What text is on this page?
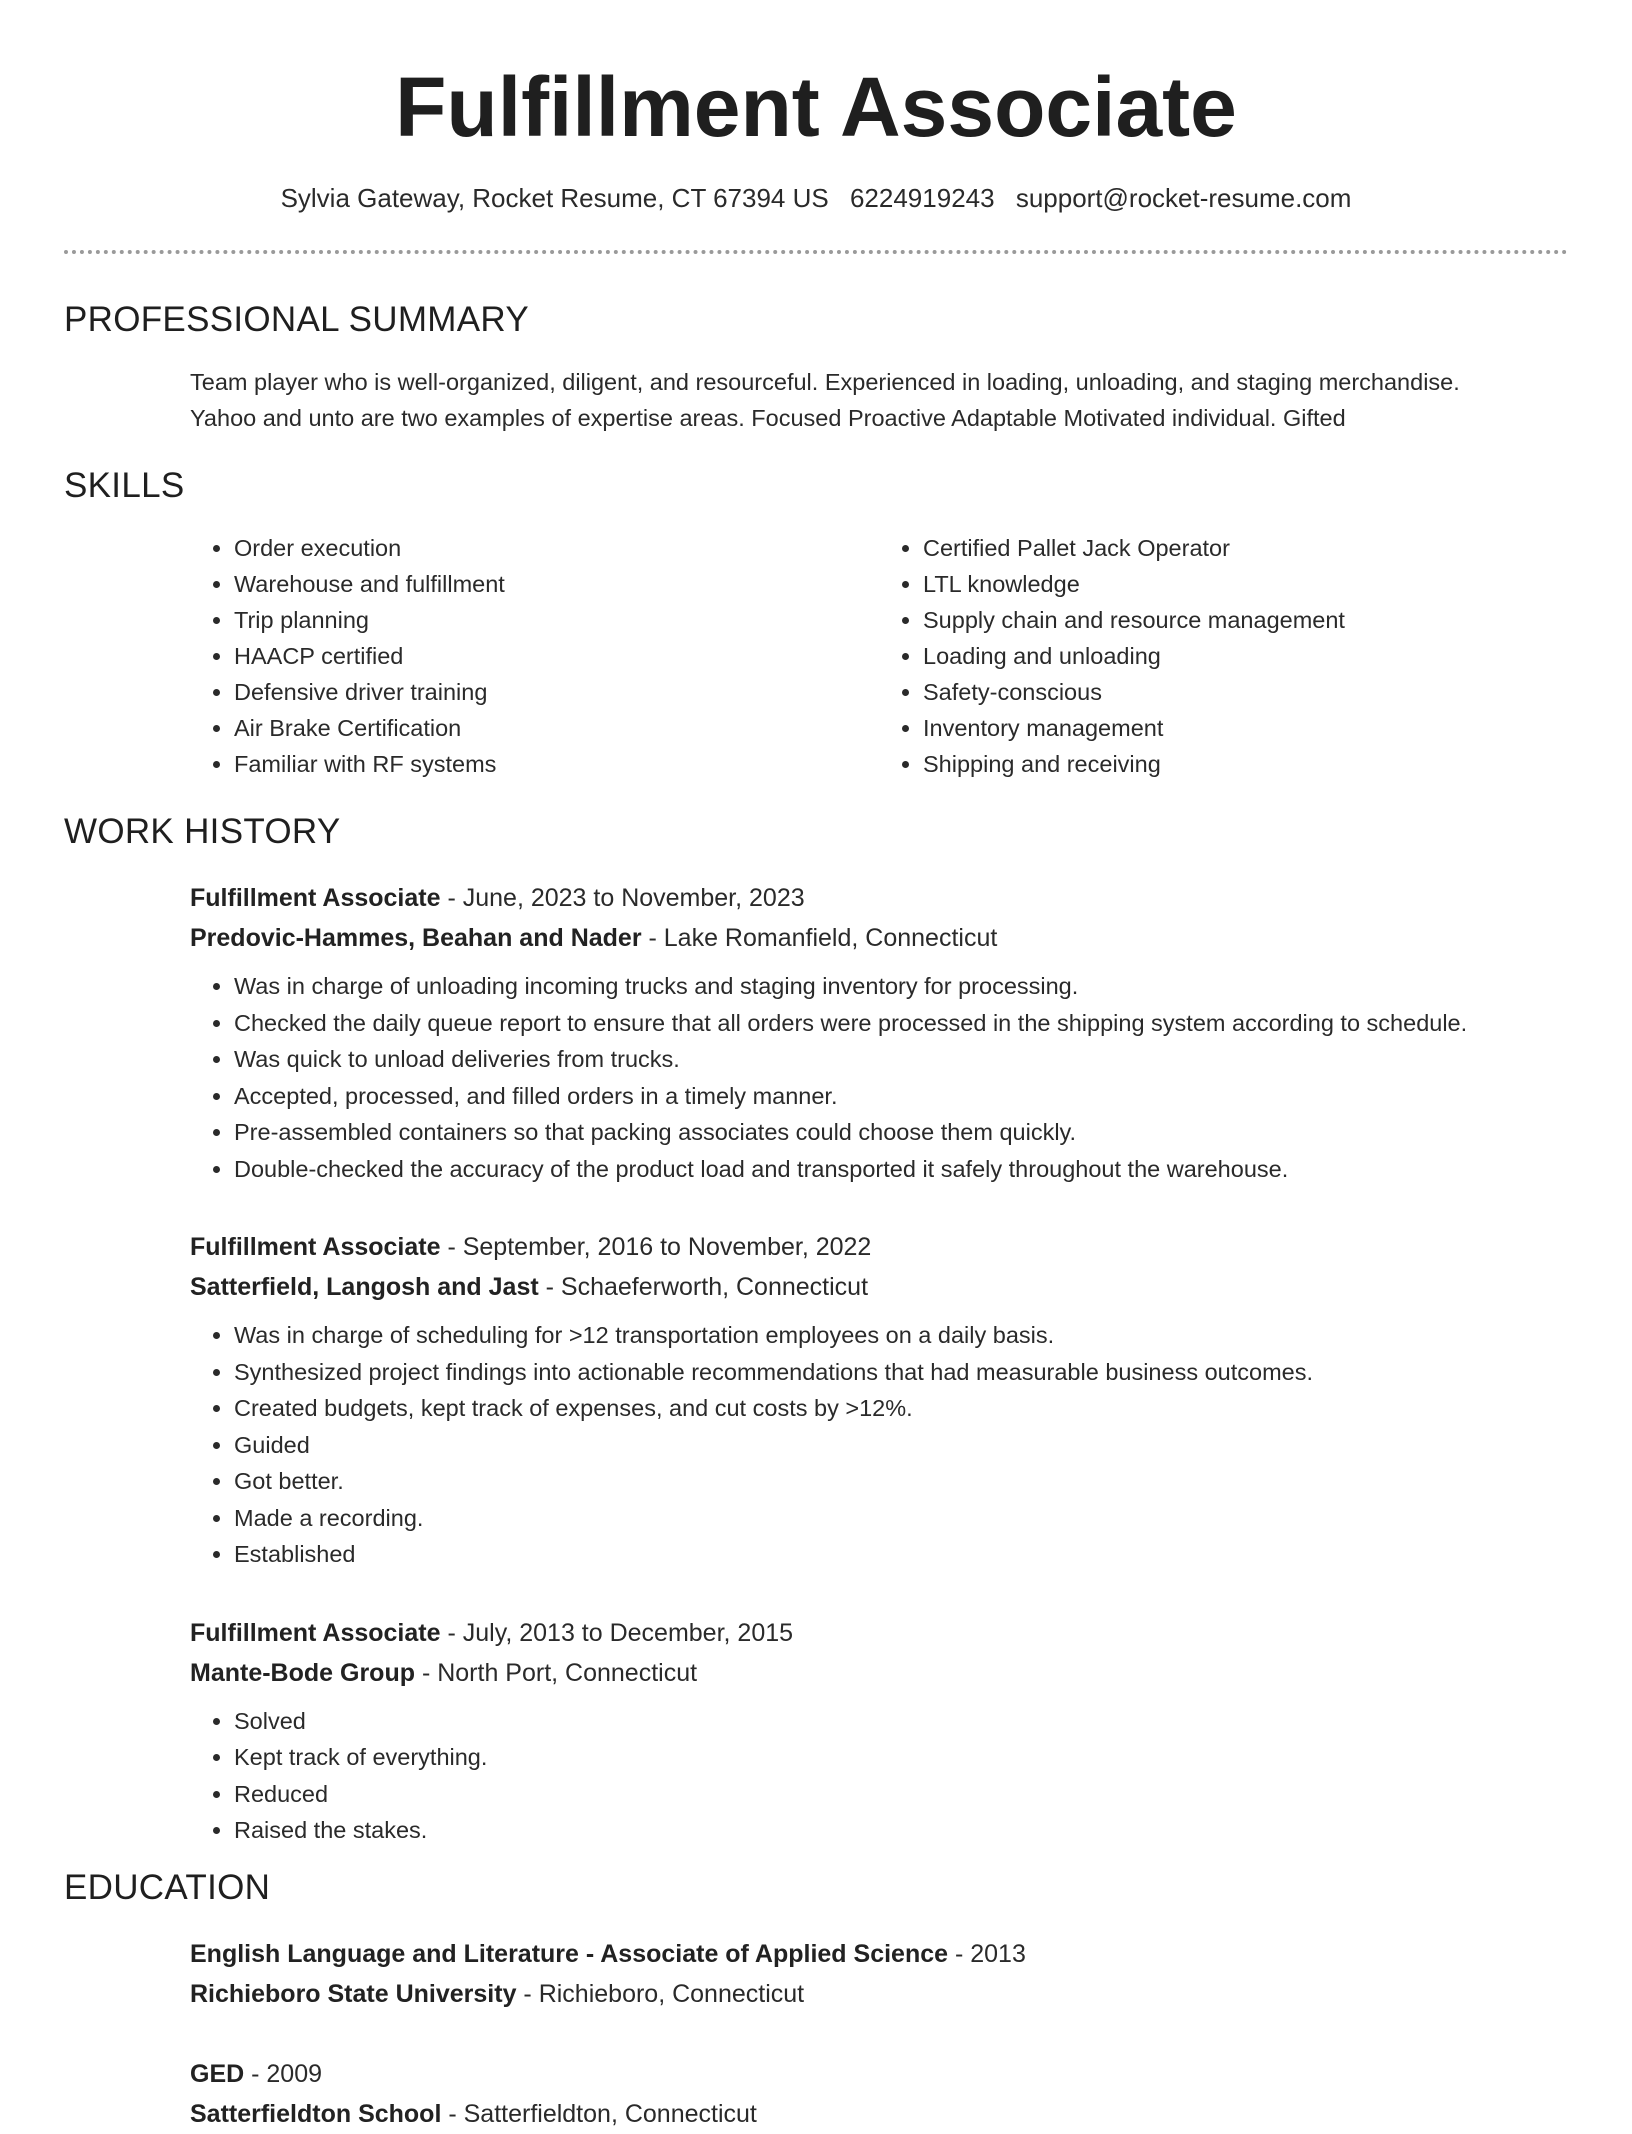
Fulfillment Associate
Sylvia Gateway, Rocket Resume, CT 67394 US 6224919243 support@rocket-resume.com
PROFESSIONAL SUMMARY
Team player who is well-organized, diligent, and resourceful. Experienced in loading, unloading, and staging merchandise.
Yahoo and unto are two examples of expertise areas. Focused Proactive Adaptable Motivated individual. Gifted
SKILLS
• Order execution
• Warehouse and fulfillment
• Trip planning
• HAACP certified
• Defensive driver training
• Air Brake Certification
• Familiar with RF systems
• Certified Pallet Jack Operator
• LTL knowledge
• Supply chain and resource management
• Loading and unloading
• Safety-conscious
• Inventory management
• Shipping and receiving
WORK HISTORY
Fulfillment Associate - June, 2023 to November, 2023
Predovic-Hammes, Beahan and Nader - Lake Romanfield, Connecticut
• Was in charge of unloading incoming trucks and staging inventory for processing.
• Checked the daily queue report to ensure that all orders were processed in the shipping system according to schedule.
• Was quick to unload deliveries from trucks.
• Accepted, processed, and filled orders in a timely manner.
• Pre-assembled containers so that packing associates could choose them quickly.
• Double-checked the accuracy of the product load and transported it safely throughout the warehouse.
Fulfillment Associate - September, 2016 to November, 2022
Satterfield, Langosh and Jast - Schaeferworth, Connecticut
• Was in charge of scheduling for >12 transportation employees on a daily basis.
• Synthesized project findings into actionable recommendations that had measurable business outcomes.
• Created budgets, kept track of expenses, and cut costs by >12%.
• Guided
• Got better.
• Made a recording.
• Established
Fulfillment Associate - July, 2013 to December, 2015
Mante-Bode Group - North Port, Connecticut
• Solved
• Kept track of everything.
• Reduced
• Raised the stakes.
EDUCATION
English Language and Literature - Associate of Applied Science - 2013
Richieboro State University - Richieboro, Connecticut
GED - 2009
Satterfieldton School - Satterfieldton, Connecticut
